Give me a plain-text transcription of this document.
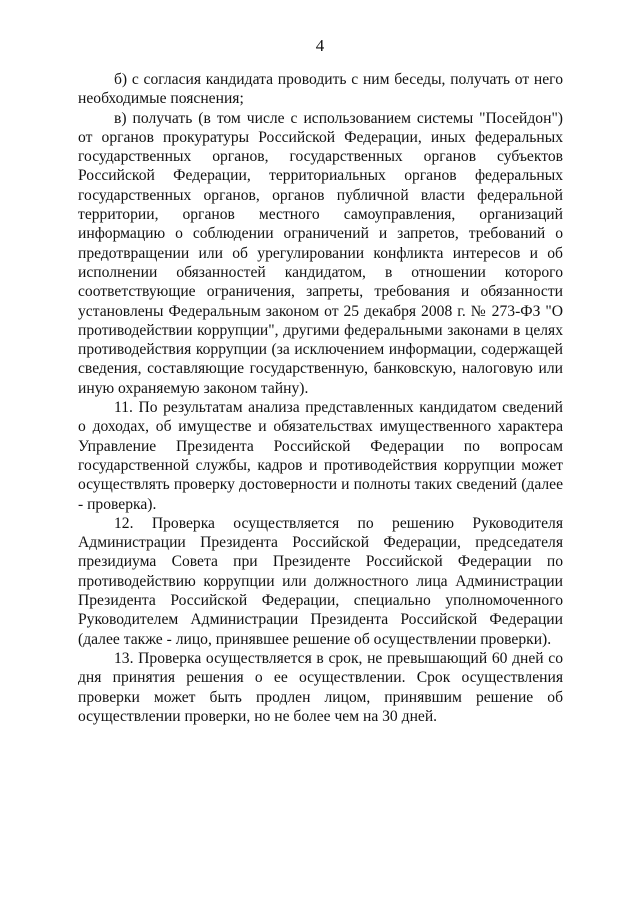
4

б) с согласия кандидата проводить с ним беседы, получать от него необходимые пояснения;

в) получать (в том числе с использованием системы "Посейдон") от органов прокуратуры Российской Федерации, иных федеральных государственных органов, государственных органов субъектов Российской Федерации, территориальных органов федеральных государственных органов, органов публичной власти федеральной территории, органов местного самоуправления, организаций информацию о соблюдении ограничений и запретов, требований о предотвращении или об урегулировании конфликта интересов и об исполнении обязанностей кандидатом, в отношении которого соответствующие ограничения, запреты, требования и обязанности установлены Федеральным законом от 25 декабря 2008 г. № 273-ФЗ "О противодействии коррупции", другими федеральными законами в целях противодействия коррупции (за исключением информации, содержащей сведения, составляющие государственную, банковскую, налоговую или иную охраняемую законом тайну).

11. По результатам анализа представленных кандидатом сведений о доходах, об имуществе и обязательствах имущественного характера Управление Президента Российской Федерации по вопросам государственной службы, кадров и противодействия коррупции может осуществлять проверку достоверности и полноты таких сведений (далее - проверка).

12. Проверка осуществляется по решению Руководителя Администрации Президента Российской Федерации, председателя президиума Совета при Президенте Российской Федерации по противодействию коррупции или должностного лица Администрации Президента Российской Федерации, специально уполномоченного Руководителем Администрации Президента Российской Федерации (далее также - лицо, принявшее решение об осуществлении проверки).

13. Проверка осуществляется в срок, не превышающий 60 дней со дня принятия решения о ее осуществлении. Срок осуществления проверки может быть продлен лицом, принявшим решение об осуществлении проверки, но не более чем на 30 дней.
